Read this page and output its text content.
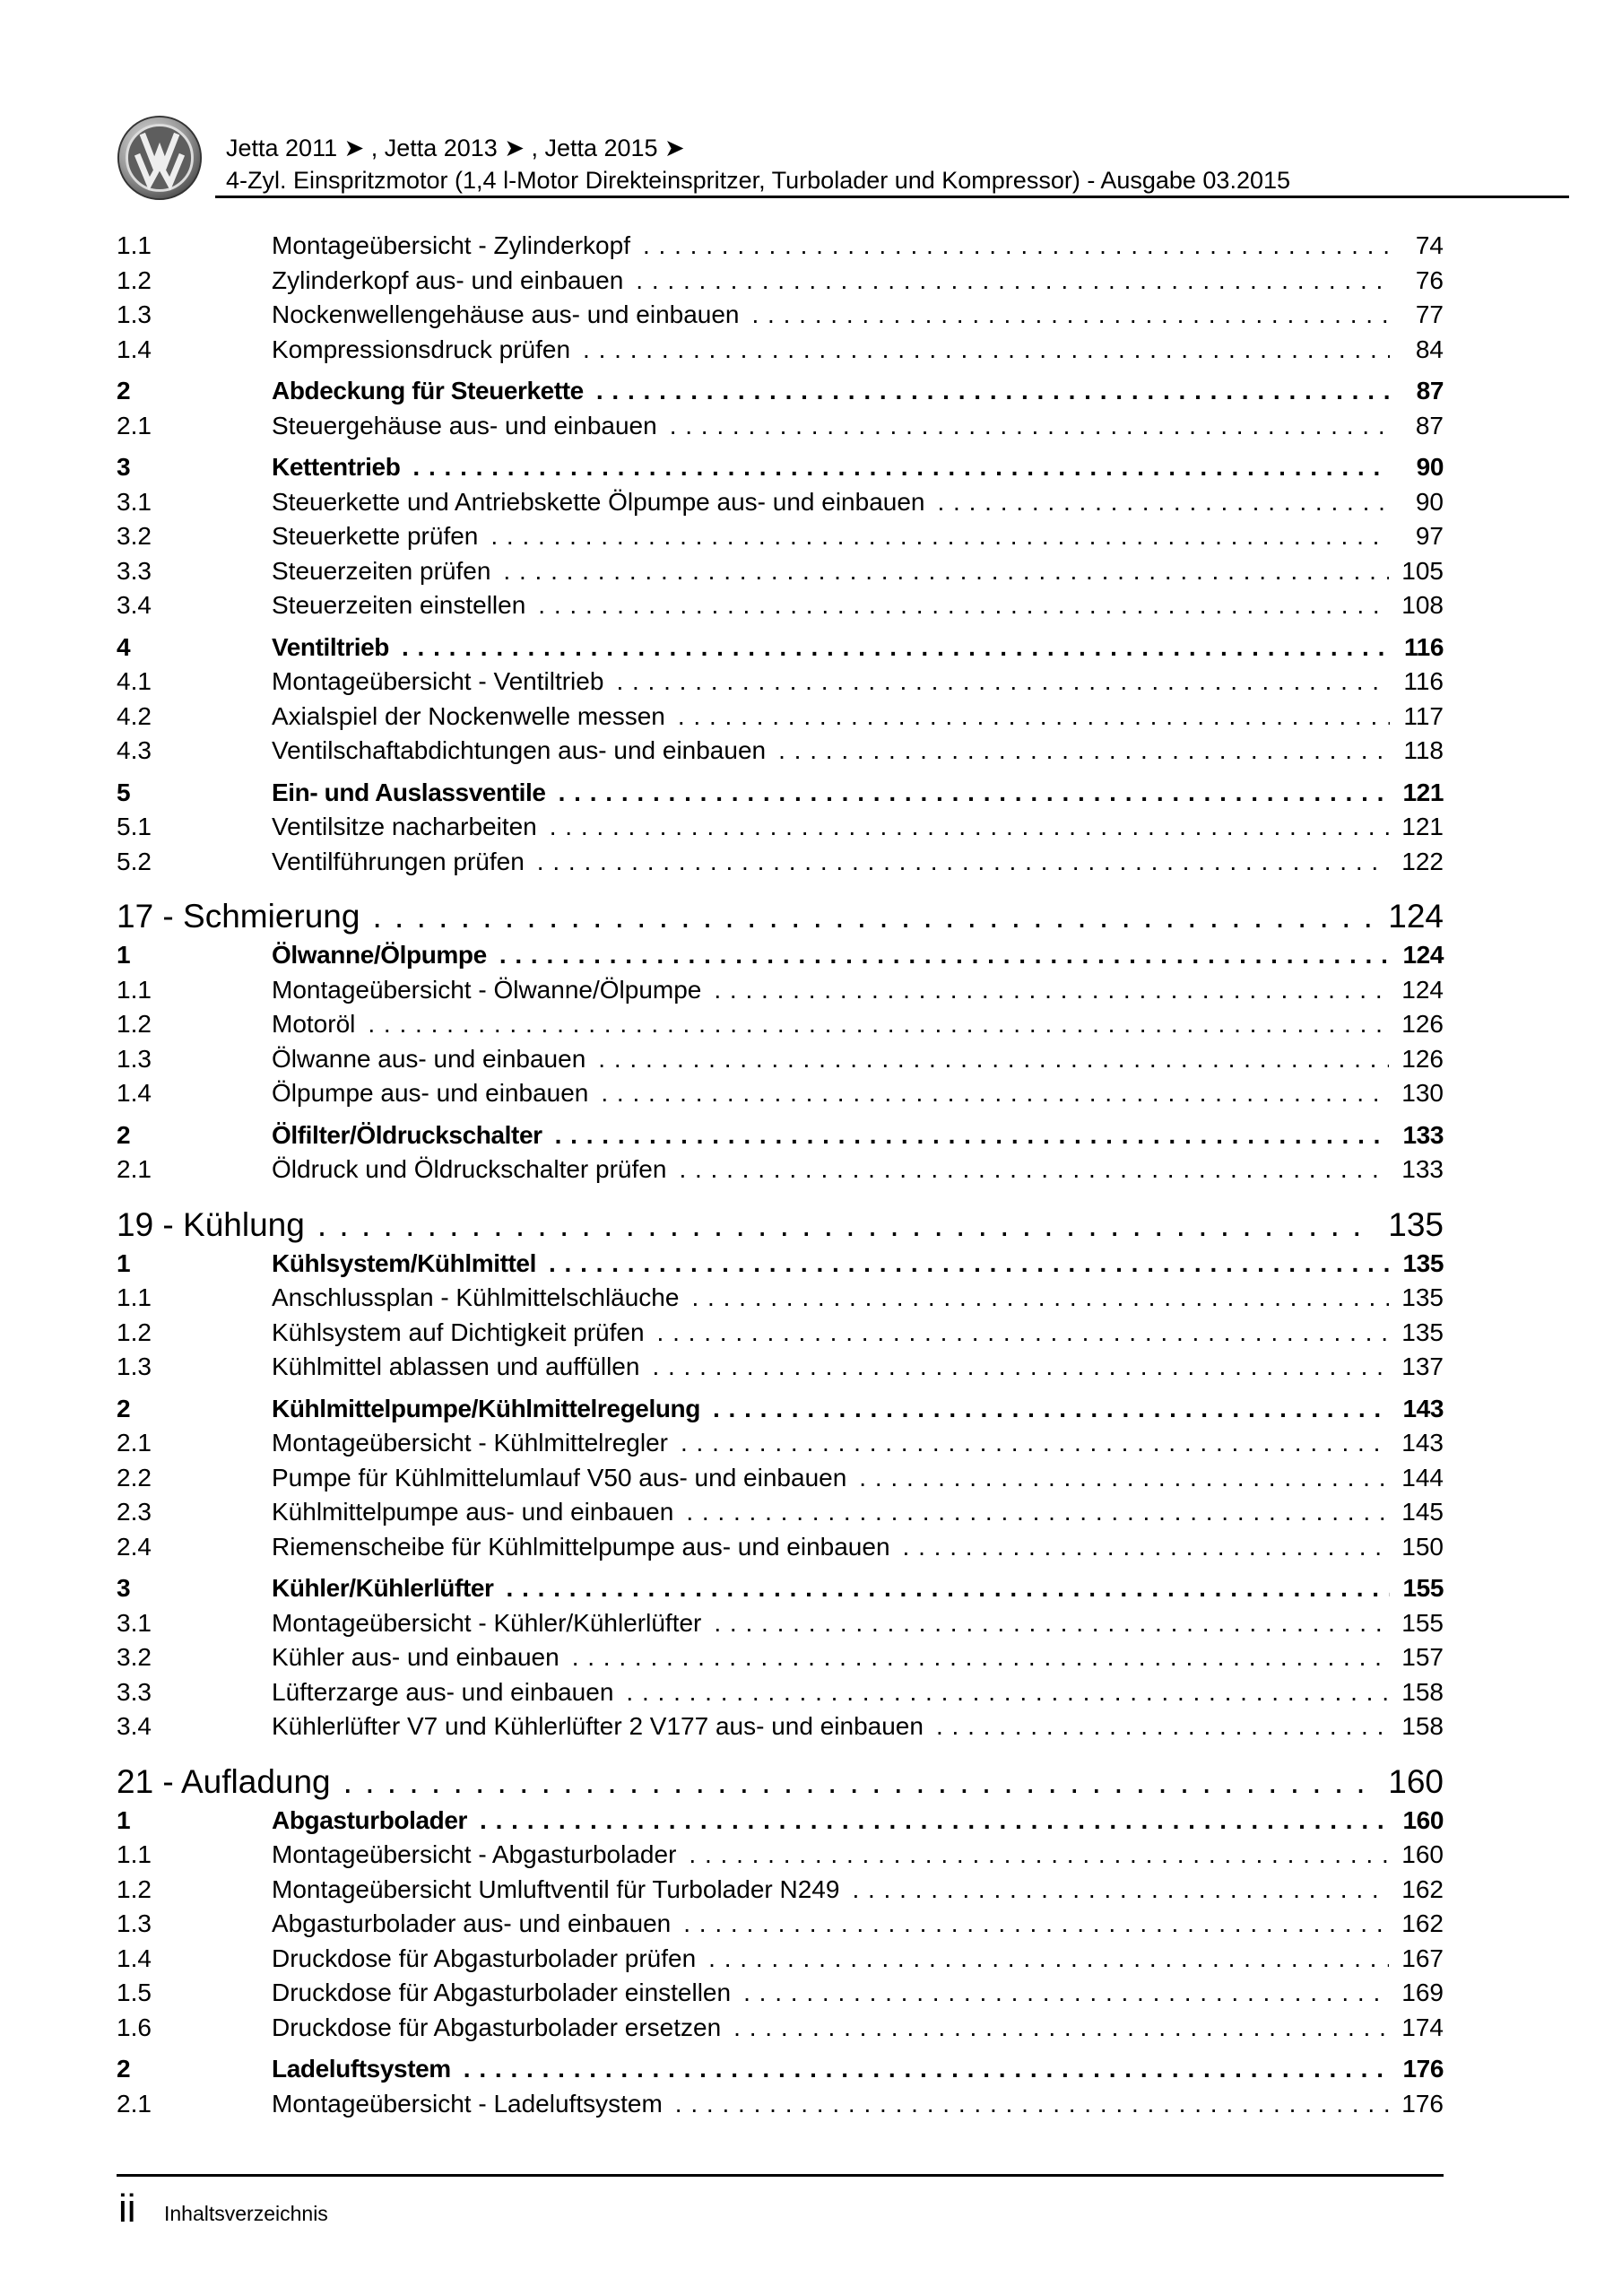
Jetta 2011 ➤ , Jetta 2013 ➤ , Jetta 2015 ➤
4-Zyl. Einspritzmotor (1,4 l-Motor Direkteinspritzer, Turbolader und Kompressor) - Ausgabe 03.2015
1.1	Montageübersicht - Zylinderkopf . . .	74
1.2	Zylinderkopf aus- und einbauen . . .	76
1.3	Nockenwellengehäuse aus- und einbauen . . .	77
1.4	Kompressionsdruck prüfen . . .	84
2	Abdeckung für Steuerkette . . .	87
2.1	Steuergehäuse aus- und einbauen . . .	87
3	Kettentrieb . . .	90
3.1	Steuerkette und Antriebskette Ölpumpe aus- und einbauen . . .	90
3.2	Steuerkette prüfen . . .	97
3.3	Steuerzeiten prüfen . . .	105
3.4	Steuerzeiten einstellen . . .	108
4	Ventiltrieb . . .	116
4.1	Montageübersicht - Ventiltrieb . . .	116
4.2	Axialspiel der Nockenwelle messen . . .	117
4.3	Ventilschaftabdichtungen aus- und einbauen . . .	118
5	Ein- und Auslassventile . . .	121
5.1	Ventilsitze nacharbeiten . . .	121
5.2	Ventilführungen prüfen . . .	122
17 - Schmierung . . .	124
1	Ölwanne/Ölpumpe . . .	124
1.1	Montageübersicht - Ölwanne/Ölpumpe . . .	124
1.2	Motoröl . . .	126
1.3	Ölwanne aus- und einbauen . . .	126
1.4	Ölpumpe aus- und einbauen . . .	130
2	Ölfilter/Öldruckschalter . . .	133
2.1	Öldruck und Öldruckschalter prüfen . . .	133
19 - Kühlung . . .	135
1	Kühlsystem/Kühlmittel . . .	135
1.1	Anschlussplan - Kühlmittelschläuche . . .	135
1.2	Kühlsystem auf Dichtigkeit prüfen . . .	135
1.3	Kühlmittel ablassen und auffüllen . . .	137
2	Kühlmittelpumpe/Kühlmittelregelung . . .	143
2.1	Montageübersicht - Kühlmittelregler . . .	143
2.2	Pumpe für Kühlmittelumlauf V50 aus- und einbauen . . .	144
2.3	Kühlmittelpumpe aus- und einbauen . . .	145
2.4	Riemenscheibe für Kühlmittelpumpe aus- und einbauen . . .	150
3	Kühler/Kühlerlüfter . . .	155
3.1	Montageübersicht - Kühler/Kühlerlüfter . . .	155
3.2	Kühler aus- und einbauen . . .	157
3.3	Lüfterzarge aus- und einbauen . . .	158
3.4	Kühlerlüfter V7 und Kühlerlüfter 2 V177 aus- und einbauen . . .	158
21 - Aufladung . . .	160
1	Abgasturbolader . . .	160
1.1	Montageübersicht - Abgasturbolader . . .	160
1.2	Montageübersicht Umluftventil für Turbolader N249 . . .	162
1.3	Abgasturbolader aus- und einbauen . . .	162
1.4	Druckdose für Abgasturbolader prüfen . . .	167
1.5	Druckdose für Abgasturbolader einstellen . . .	169
1.6	Druckdose für Abgasturbolader ersetzen . . .	174
2	Ladeluftsystem . . .	176
2.1	Montageübersicht - Ladeluftsystem . . .	176
ii Inhaltsverzeichnis
